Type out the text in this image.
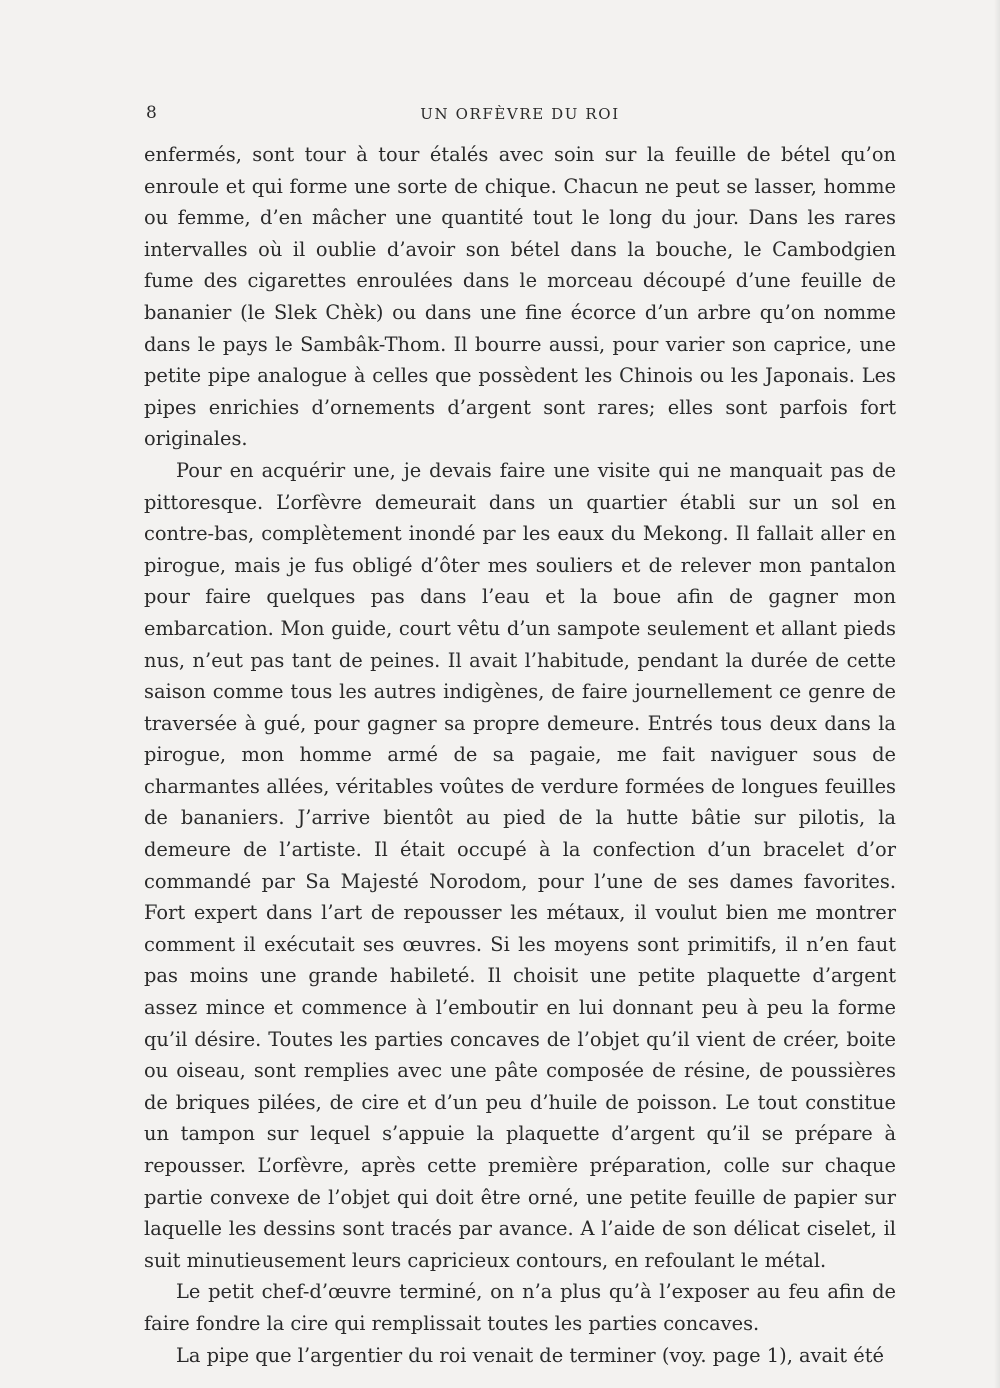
8	UN ORFÈVRE DU ROI

enfermés, sont tour à tour étalés avec soin sur la feuille de bétel qu’on enroule et qui forme une sorte de chique. Chacun ne peut se lasser, homme ou femme, d’en mâcher une quantité tout le long du jour. Dans les rares intervalles où il oublie d’avoir son bétel dans la bouche, le Cambodgien fume des cigarettes enroulées dans le morceau découpé d’une feuille de bananier (le Slek Chèk) ou dans une fine écorce d’un arbre qu’on nomme dans le pays le Sambâk-Thom. Il bourre aussi, pour varier son caprice, une petite pipe analogue à celles que possèdent les Chinois ou les Japonais. Les pipes enrichies d’ornements d’argent sont rares; elles sont parfois fort originales.

Pour en acquérir une, je devais faire une visite qui ne manquait pas de pittoresque. L’orfèvre demeurait dans un quartier établi sur un sol en contre-bas, complètement inondé par les eaux du Mekong. Il fallait aller en pirogue, mais je fus obligé d’ôter mes souliers et de relever mon pantalon pour faire quelques pas dans l’eau et la boue afin de gagner mon embarcation. Mon guide, court vêtu d’un sampote seulement et allant pieds nus, n’eut pas tant de peines. Il avait l’habitude, pendant la durée de cette saison comme tous les autres indigènes, de faire journellement ce genre de traversée à gué, pour gagner sa propre demeure. Entrés tous deux dans la pirogue, mon homme armé de sa pagaie, me fait naviguer sous de charmantes allées, véritables voûtes de verdure formées de longues feuilles de bananiers. J’arrive bientôt au pied de la hutte bâtie sur pilotis, la demeure de l’artiste. Il était occupé à la confection d’un bracelet d’or commandé par Sa Majesté Norodom, pour l’une de ses dames favorites. Fort expert dans l’art de repousser les métaux, il voulut bien me montrer comment il exécutait ses œuvres. Si les moyens sont primitifs, il n’en faut pas moins une grande habileté. Il choisit une petite plaquette d’argent assez mince et commence à l’emboutir en lui donnant peu à peu la forme qu’il désire. Toutes les parties concaves de l’objet qu’il vient de créer, boite ou oiseau, sont remplies avec une pâte composée de résine, de poussières de briques pilées, de cire et d’un peu d’huile de poisson. Le tout constitue un tampon sur lequel s’appuie la plaquette d’argent qu’il se prépare à repousser. L’orfèvre, après cette première préparation, colle sur chaque partie convexe de l’objet qui doit être orné, une petite feuille de papier sur laquelle les dessins sont tracés par avance. A l’aide de son délicat ciselet, il suit minutieusement leurs capricieux contours, en refoulant le métal.

Le petit chef-d’œuvre terminé, on n’a plus qu’à l’exposer au feu afin de faire fondre la cire qui remplissait toutes les parties concaves.

La pipe que l’argentier du roi venait de terminer (voy. page 1), avait été
